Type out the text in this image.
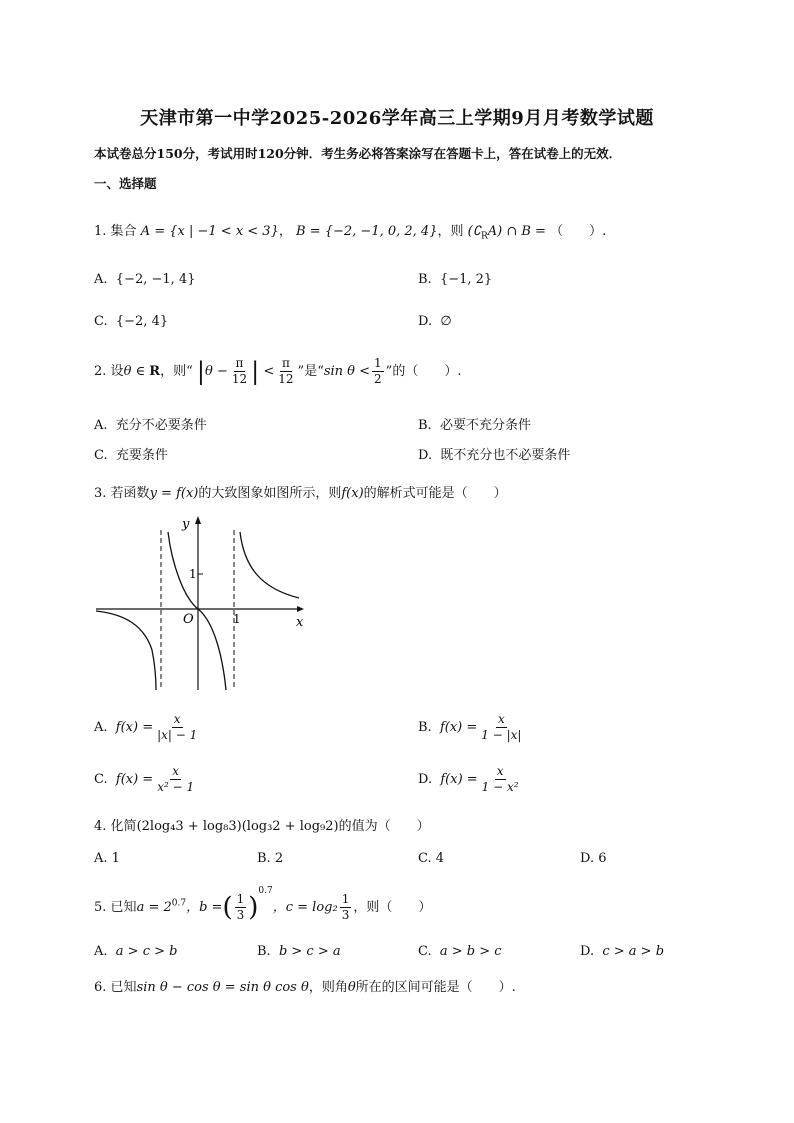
天津市第一中学2025-2026学年高三上学期9月月考数学试题
本试卷总分150分，考试用时120分钟．考生务必将答案涂写在答题卡上，答在试卷上的无效．
一、选择题
1. 集合 A = {x | −1 < x < 3}， B = {−2, −1, 0, 2, 4}，则 $(∁_RA)$ ∩ B = （　　）.
A. {−2, −1, 4}	B. {−1, 2}
C. {−2, 4}	D. ∅
2. 设θ ∈ R，则“ $|\theta - \frac{\pi}{12}$ | < $\frac{\pi}{12}$ ”是“sin $\theta < \frac{1}{2}$ ”的（　　）.
A. 充分不必要条件	B. 必要不充分条件
C. 充要条件	D. 既不充分也不必要条件
3. 若函数y = f(x)的大致图象如图所示，则f(x)的解析式可能是（　　）
y
x
O	1
1
A. $f(x) = \frac{x}{|x| - 1}$	B. $f(x) = \frac{x}{1 - |x|}$
C. $f(x) = \frac{x}{\text{x² − 1}}$	D. $f(x) = \frac{x}{\text{1 − x²}}$
4. 化简(2log₄3 + log₈3)(log₃2 + log₉2)的值为（　　）
A. 1	B. 2	C. 4	D. 6
5. 已知$a = 2^{0.7}$，b =( $\frac{1}{3} )^{0.7}$，$c = \log_2 \frac{1}{3}$ ，则（　　）
A. a > c > b	B. b > c > a	C. a > b > c	D. c > a > b
6. 已知sin θ − cos θ = sin θ cos θ，则角θ所在的区间可能是（　　）.
